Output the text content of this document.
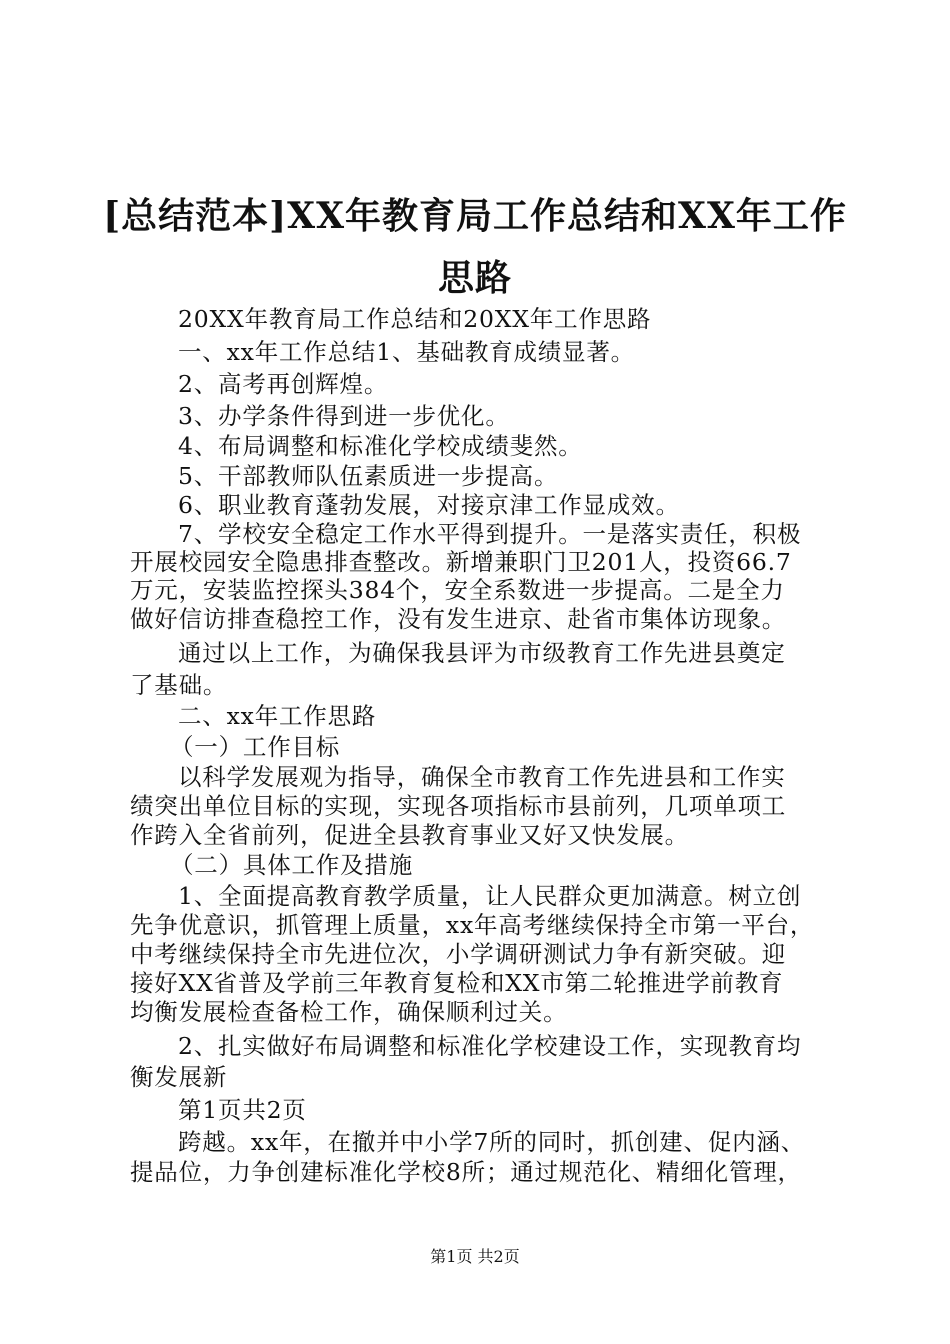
[总结范本]XX年教育局工作总结和XX年工作
思路
20XX年教育局工作总结和20XX年工作思路
一、xx年工作总结1、基础教育成绩显著。
2、高考再创辉煌。
3、办学条件得到进一步优化。
4、布局调整和标准化学校成绩斐然。
5、干部教师队伍素质进一步提高。
6、职业教育蓬勃发展，对接京津工作显成效。
7、学校安全稳定工作水平得到提升。一是落实责任，积极
开展校园安全隐患排查整改。新增兼职门卫201人，投资66.7
万元，安装监控探头384个，安全系数进一步提高。二是全力
做好信访排查稳控工作，没有发生进京、赴省市集体访现象。
通过以上工作，为确保我县评为市级教育工作先进县奠定
了基础。
二、xx年工作思路
（一）工作目标
以科学发展观为指导，确保全市教育工作先进县和工作实
绩突出单位目标的实现，实现各项指标市县前列，几项单项工
作跨入全省前列，促进全县教育事业又好又快发展。
（二）具体工作及措施
1、全面提高教育教学质量，让人民群众更加满意。树立创
先争优意识，抓管理上质量，xx年高考继续保持全市第一平台，
中考继续保持全市先进位次，小学调研测试力争有新突破。迎
接好XX省普及学前三年教育复检和XX市第二轮推进学前教育
均衡发展检查备检工作，确保顺利过关。
2、扎实做好布局调整和标准化学校建设工作，实现教育均
衡发展新
第1页共2页
跨越。xx年，在撤并中小学7所的同时，抓创建、促内涵、
提品位，力争创建标准化学校8所；通过规范化、精细化管理，
第1页 共2页
